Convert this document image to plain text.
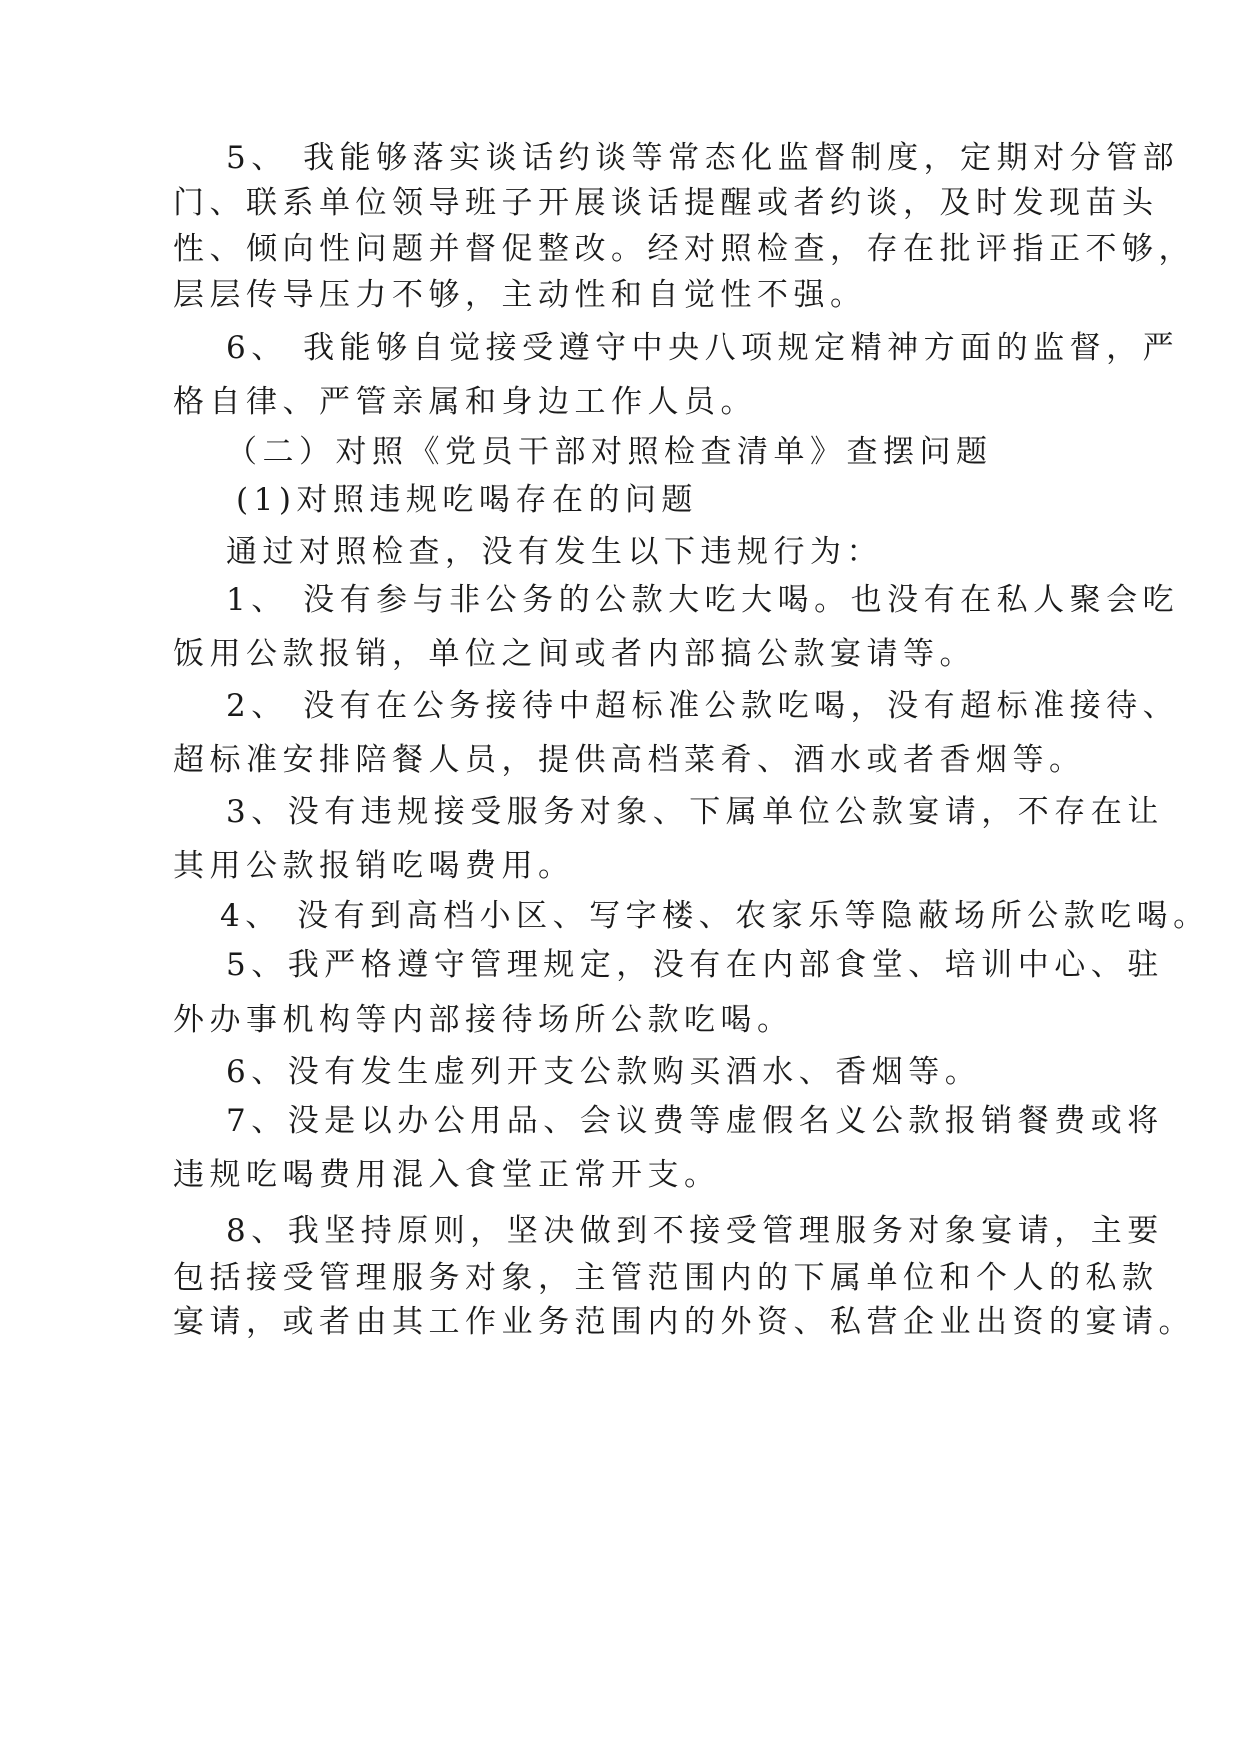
5、 我能够落实谈话约谈等常态化监督制度，定期对分管部

门、联系单位领导班子开展谈话提醒或者约谈，及时发现苗头

性、倾向性问题并督促整改。经对照检查，存在批评指正不够，

层层传导压力不够，主动性和自觉性不强。

6、 我能够自觉接受遵守中央八项规定精神方面的监督，严

格自律、严管亲属和身边工作人员。

（二）对照《党员干部对照检查清单》查摆问题

(1)对照违规吃喝存在的问题

通过对照检查，没有发生以下违规行为：

1、 没有参与非公务的公款大吃大喝。也没有在私人聚会吃

饭用公款报销，单位之间或者内部搞公款宴请等。

2、 没有在公务接待中超标准公款吃喝，没有超标准接待、

超标准安排陪餐人员，提供高档菜肴、酒水或者香烟等。

3、没有违规接受服务对象、下属单位公款宴请，不存在让

其用公款报销吃喝费用。

4、 没有到高档小区、写字楼、农家乐等隐蔽场所公款吃喝。

5、我严格遵守管理规定，没有在内部食堂、培训中心、驻

外办事机构等内部接待场所公款吃喝。

6、没有发生虚列开支公款购买酒水、香烟等。

7、没是以办公用品、会议费等虚假名义公款报销餐费或将

违规吃喝费用混入食堂正常开支。

8、我坚持原则，坚决做到不接受管理服务对象宴请，主要

包括接受管理服务对象，主管范围内的下属单位和个人的私款

宴请，或者由其工作业务范围内的外资、私营企业出资的宴请。
